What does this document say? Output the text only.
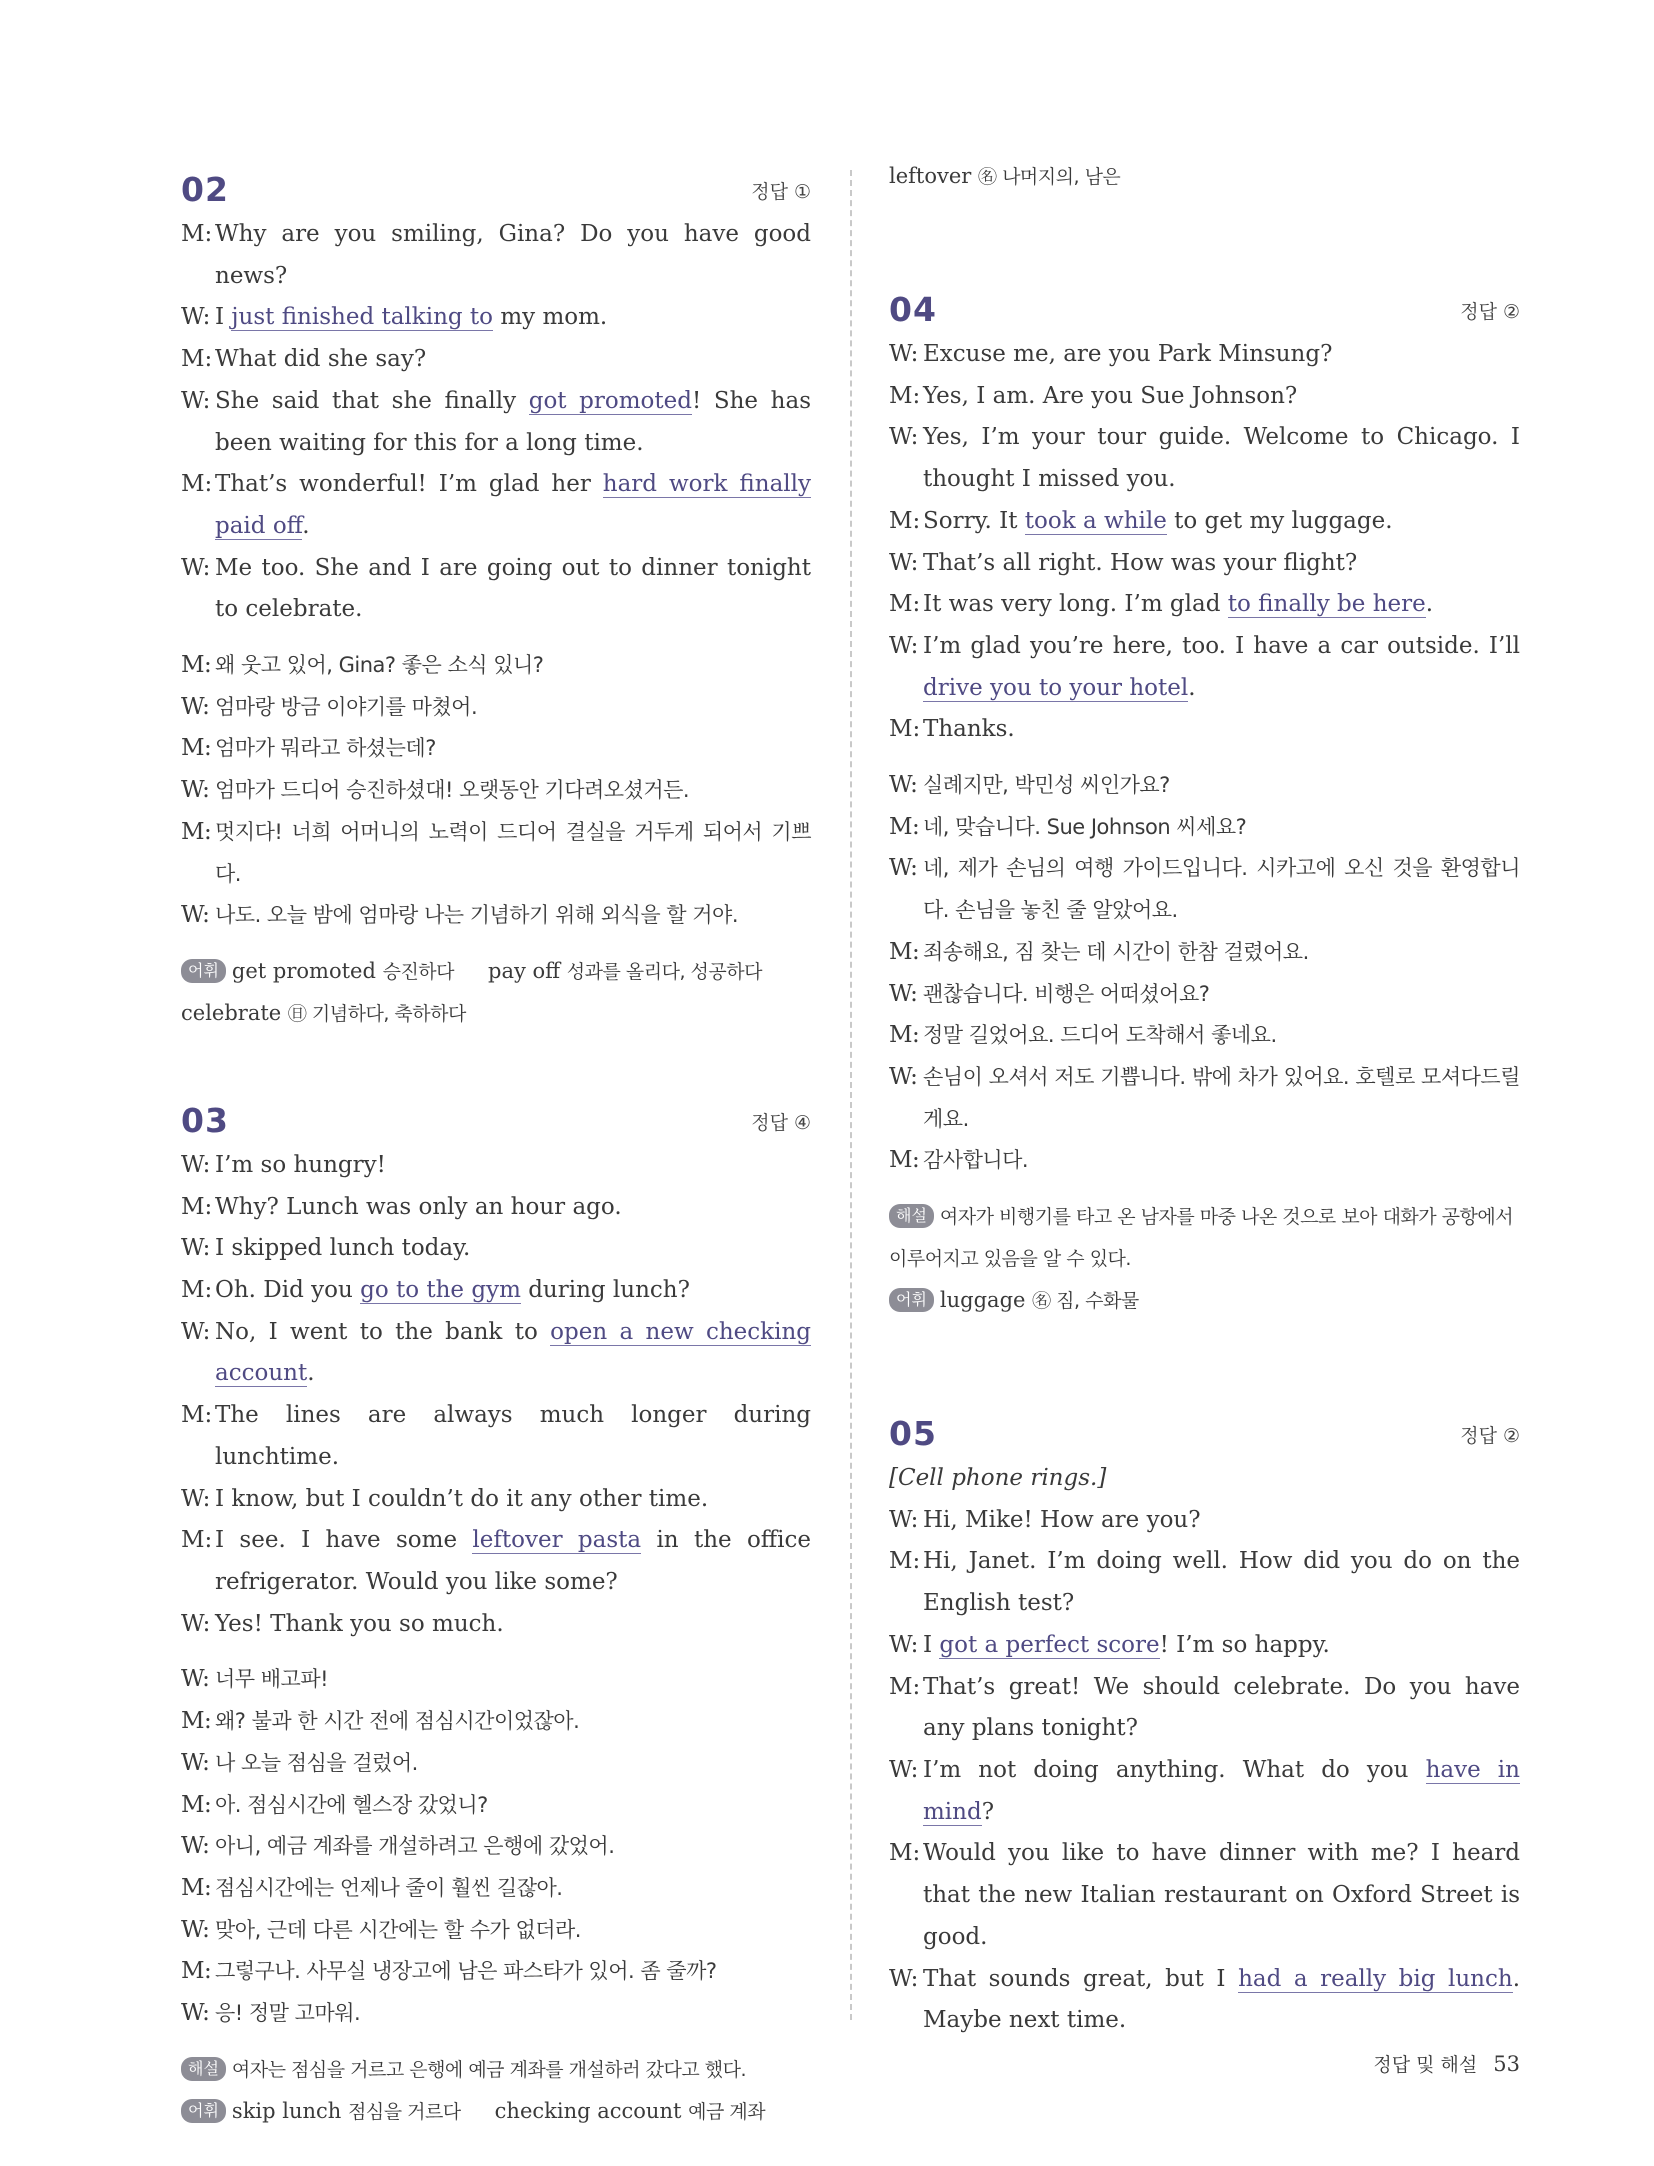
02	정답 ①
M: Why are you smiling, Gina? Do you have good news?
W: I just finished talking to my mom.
M: What did she say?
W: She said that she finally got promoted! She has been waiting for this for a long time.
M: That’s wonderful! I’m glad her hard work finally paid off.
W: Me too. She and I are going out to dinner tonight to celebrate.
M: 왜 웃고 있어, Gina? 좋은 소식 있니?
W: 엄마랑 방금 이야기를 마쳤어.
M: 엄마가 뭐라고 하셨는데?
W: 엄마가 드디어 승진하셨대! 오랫동안 기다려오셨거든.
M: 멋지다! 너희 어머니의 노력이 드디어 결실을 거두게 되어서 기쁘다.
W: 나도. 오늘 밤에 엄마랑 나는 기념하기 위해 외식을 할 거야.
어휘 get promoted 승진하다 pay off 성과를 올리다, 성공하다
celebrate ㊐ 기념하다, 축하하다
03	정답 ④
W: I’m so hungry!
M: Why? Lunch was only an hour ago.
W: I skipped lunch today.
M: Oh. Did you go to the gym during lunch?
W: No, I went to the bank to open a new checking account.
M: The lines are always much longer during lunchtime.
W: I know, but I couldn’t do it any other time.
M: I see. I have some leftover pasta in the office refrigerator. Would you like some?
W: Yes! Thank you so much.
W: 너무 배고파!
M: 왜? 불과 한 시간 전에 점심시간이었잖아.
W: 나 오늘 점심을 걸렀어.
M: 아. 점심시간에 헬스장 갔었니?
W: 아니, 예금 계좌를 개설하려고 은행에 갔었어.
M: 점심시간에는 언제나 줄이 훨씬 길잖아.
W: 맞아, 근데 다른 시간에는 할 수가 없더라.
M: 그렇구나. 사무실 냉장고에 남은 파스타가 있어. 좀 줄까?
W: 응! 정말 고마워.
해설 여자는 점심을 거르고 은행에 예금 계좌를 개설하러 갔다고 했다.
어휘 skip lunch 점심을 거르다 checking account 예금 계좌
leftover ㊔ 나머지의, 남은
04	정답 ②
W: Excuse me, are you Park Minsung?
M: Yes, I am. Are you Sue Johnson?
W: Yes, I’m your tour guide. Welcome to Chicago. I thought I missed you.
M: Sorry. It took a while to get my luggage.
W: That’s all right. How was your flight?
M: It was very long. I’m glad to finally be here.
W: I’m glad you’re here, too. I have a car outside. I’ll drive you to your hotel.
M: Thanks.
W: 실례지만, 박민성 씨인가요?
M: 네, 맞습니다. Sue Johnson 씨세요?
W: 네, 제가 손님의 여행 가이드입니다. 시카고에 오신 것을 환영합니다. 손님을 놓친 줄 알았어요.
M: 죄송해요, 짐 찾는 데 시간이 한참 걸렸어요.
W: 괜찮습니다. 비행은 어떠셨어요?
M: 정말 길었어요. 드디어 도착해서 좋네요.
W: 손님이 오셔서 저도 기쁩니다. 밖에 차가 있어요. 호텔로 모셔다드릴게요.
M: 감사합니다.
해설 여자가 비행기를 타고 온 남자를 마중 나온 것으로 보아 대화가 공항에서 이루어지고 있음을 알 수 있다.
어휘 luggage ㊔ 짐, 수화물
05	정답 ②
[Cell phone rings.]
W: Hi, Mike! How are you?
M: Hi, Janet. I’m doing well. How did you do on the English test?
W: I got a perfect score! I’m so happy.
M: That’s great! We should celebrate. Do you have any plans tonight?
W: I’m not doing anything. What do you have in mind?
M: Would you like to have dinner with me? I heard that the new Italian restaurant on Oxford Street is good.
W: That sounds great, but I had a really big lunch. Maybe next time.
정답 및 해설 53
